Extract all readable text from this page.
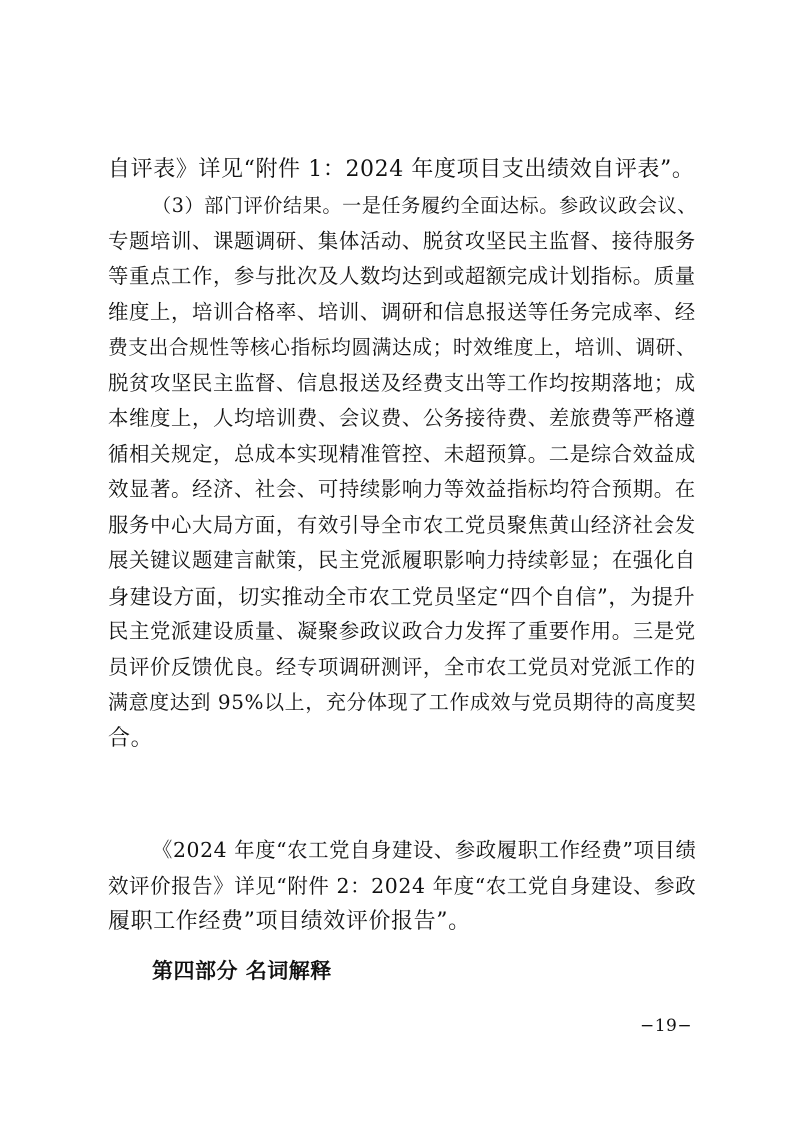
自评表》详见“附件 1：2024 年度项目支出绩效自评表”。

（3）部门评价结果。一是任务履约全面达标。参政议政会议、
专题培训、课题调研、集体活动、脱贫攻坚民主监督、接待服务
等重点工作，参与批次及人数均达到或超额完成计划指标。质量
维度上，培训合格率、培训、调研和信息报送等任务完成率、经
费支出合规性等核心指标均圆满达成；时效维度上，培训、调研、
脱贫攻坚民主监督、信息报送及经费支出等工作均按期落地；成
本维度上，人均培训费、会议费、公务接待费、差旅费等严格遵
循相关规定，总成本实现精准管控、未超预算。二是综合效益成
效显著。经济、社会、可持续影响力等效益指标均符合预期。在
服务中心大局方面，有效引导全市农工党员聚焦黄山经济社会发
展关键议题建言献策，民主党派履职影响力持续彰显；在强化自
身建设方面，切实推动全市农工党员坚定“四个自信”，为提升
民主党派建设质量、凝聚参政议政合力发挥了重要作用。三是党
员评价反馈优良。经专项调研测评，全市农工党员对党派工作的
满意度达到 95%以上，充分体现了工作成效与党员期待的高度契
合。

《2024 年度“农工党自身建设、参政履职工作经费”项目绩
效评价报告》详见“附件 2：2024 年度“农工党自身建设、参政
履职工作经费”项目绩效评价报告”。

第四部分 名词解释
−19−
